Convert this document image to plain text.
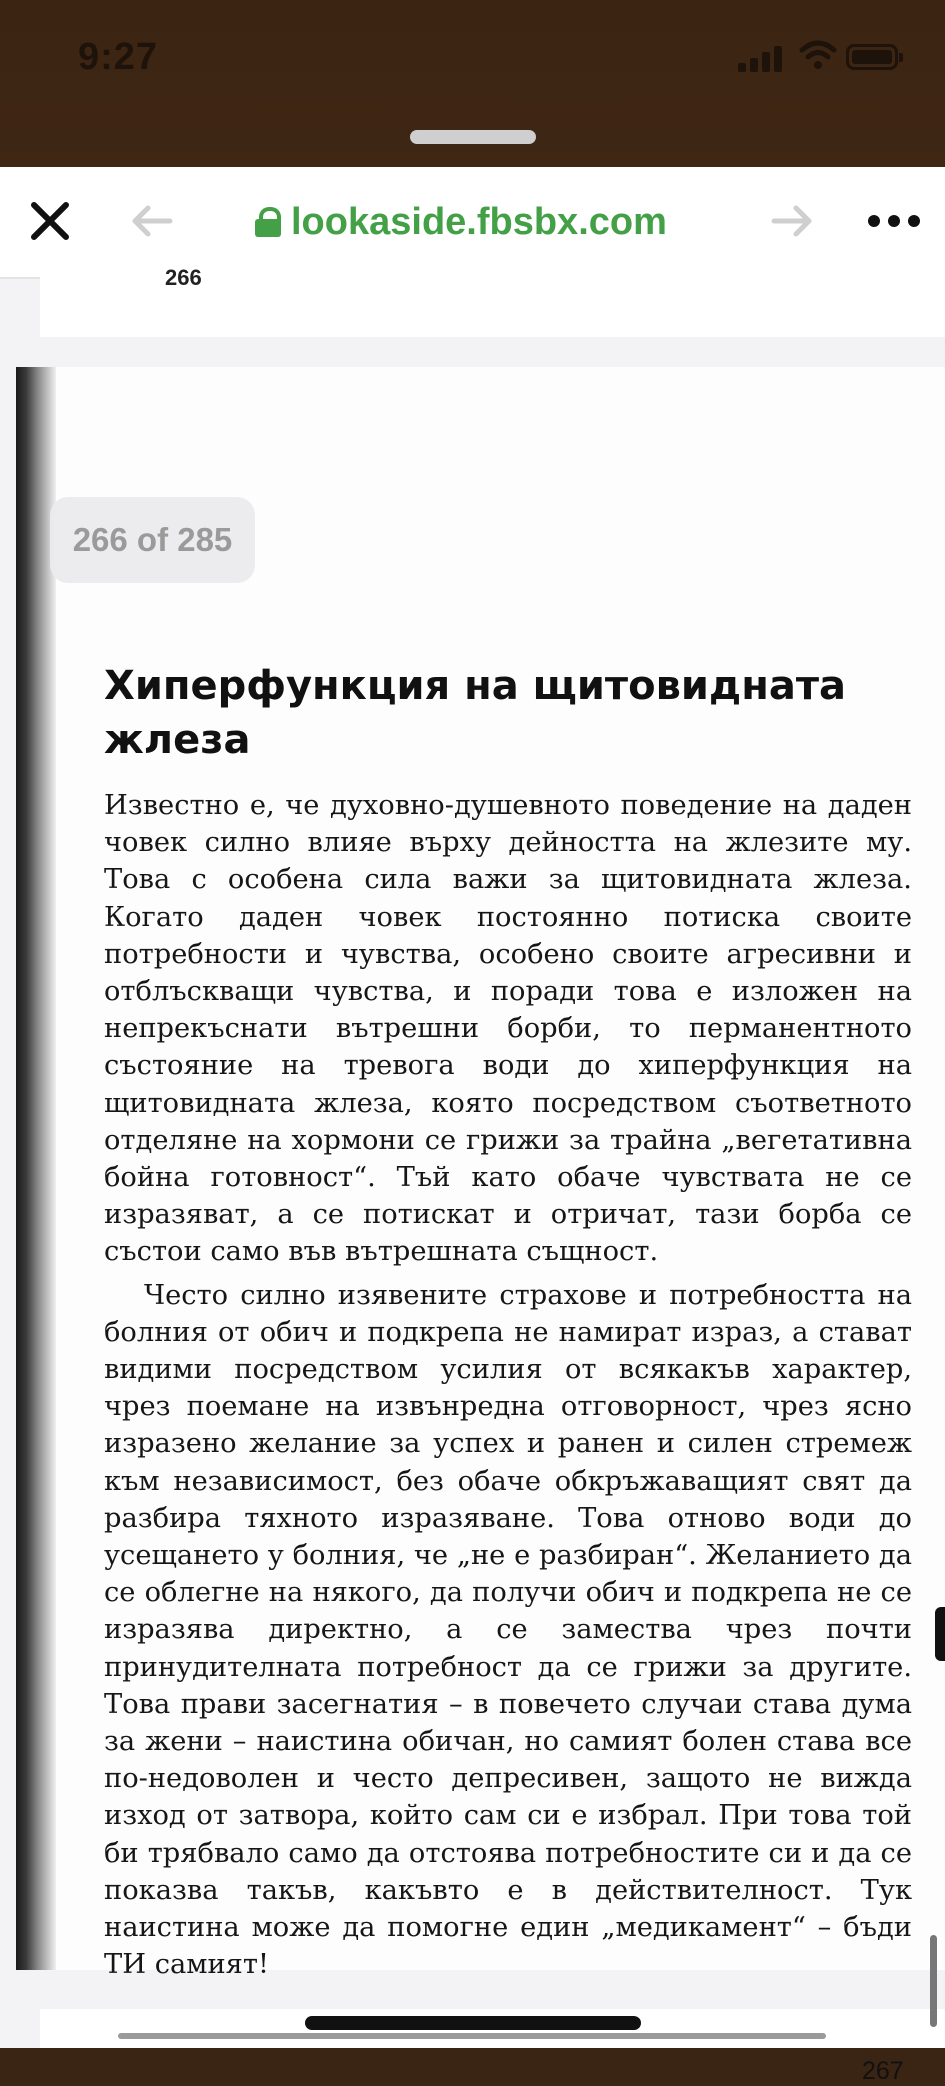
9:27
lookaside.fbsbx.com
266
266 of 285
Хиперфункция на щитовидната жлеза

Известно е, че духовно-душевното поведение на даден човек силно влияе върху дейността на жлезите му. Това с особена сила важи за щитовидната жлеза. Когато даден човек постоянно потиска своите потребности и чувства, особено своите агресивни и отблъскващи чувства, и поради това е изложен на непрекъснати вътрешни борби, то перманентното състояние на тревога води до хиперфункция на щитовидната жлеза, която посредством съответното отделяне на хормони се грижи за трайна „вегетативна бойна готовност“. Тъй като обаче чувствата не се изразяват, а се потискат и отричат, тази борба се състои само във вътрешната същност.

Често силно изявените страхове и потребността на болния от обич и подкрепа не намират израз, а стават видими посредством усилия от всякакъв характер, чрез поемане на извънредна отговорност, чрез ясно изразено желание за успех и ранен и силен стремеж към независимост, без обаче обкръжаващият свят да разбира тяхното изразяване. Това отново води до усещането у болния, че „не е разбиран“. Желанието да се облегне на някого, да получи обич и подкрепа не се изразява директно, а се замества чрез почти принудителната потребност да се грижи за другите. Това прави засегнатия – в повечето случаи става дума за жени – наистина обичан, но самият болен става все по-недоволен и често депресивен, защото не вижда изход от затвора, който сам си е избрал. При това той би трябвало само да отстоява потребностите си и да се показва такъв, какъвто е в действителност. Тук наистина може да помогне един „медикамент“ – бъди ТИ самият!

267
